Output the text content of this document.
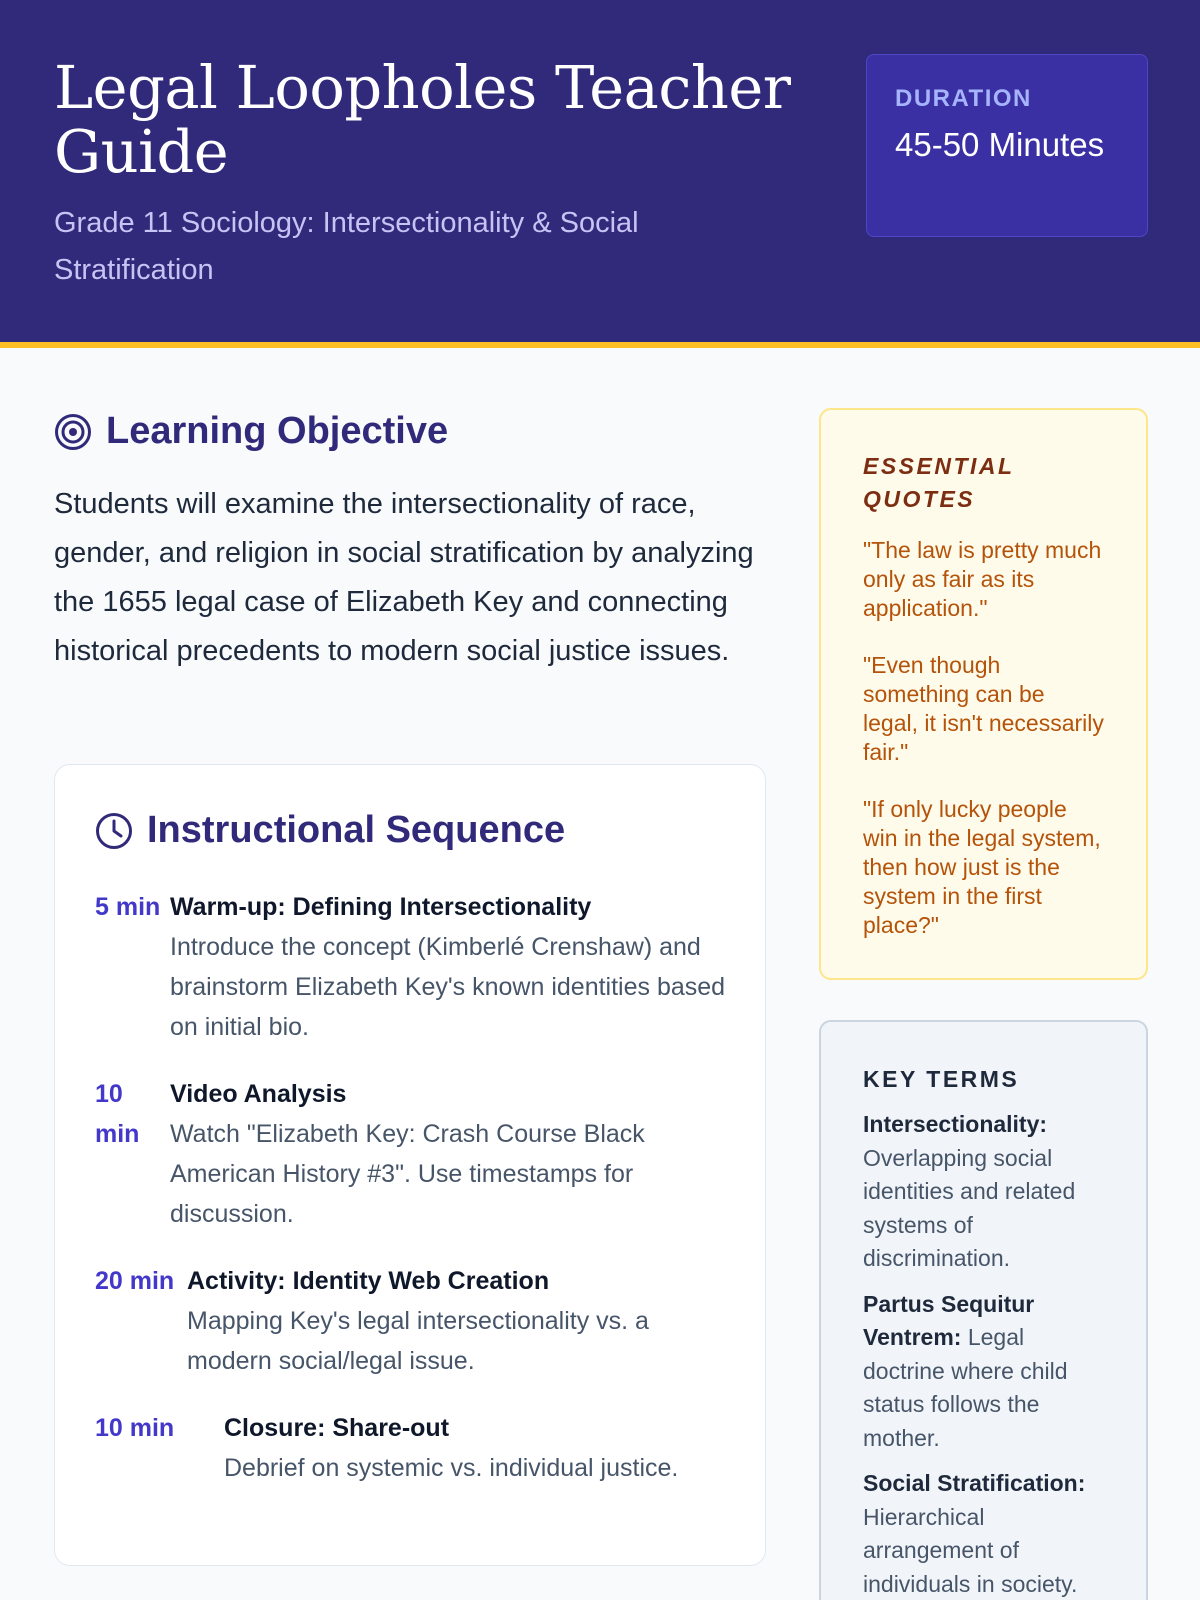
Legal Loopholes Teacher Guide
Grade 11 Sociology: Intersectionality & Social Stratification
DURATION
45-50 Minutes
Learning Objective

Students will examine the intersectionality of race, gender, and religion in social stratification by analyzing the 1655 legal case of Elizabeth Key and connecting historical precedents to modern social justice issues.

Instructional Sequence
5 min Warm-up: Defining Intersectionality
Introduce the concept (Kimberlé Crenshaw) and brainstorm Elizabeth Key's known identities based on initial bio.
10 min
Video Analysis
Watch "Elizabeth Key: Crash Course Black American History #3". Use timestamps for discussion.
20 min Activity: Identity Web Creation
Mapping Key's legal intersectionality vs. a modern social/legal issue.
10 min	Closure: Share-out
Debrief on systemic vs. individual justice.
ESSENTIAL QUOTES

"The law is pretty much only as fair as its application."

"Even though something can be legal, it isn't necessarily fair."

"If only lucky people win in the legal system, then how just is the system in the first place?"

KEY TERMS

Intersectionality: Overlapping social identities and related systems of discrimination.

Partus Sequitur Ventrem: Legal doctrine where child status follows the mother.

Social Stratification: Hierarchical arrangement of individuals in society.
